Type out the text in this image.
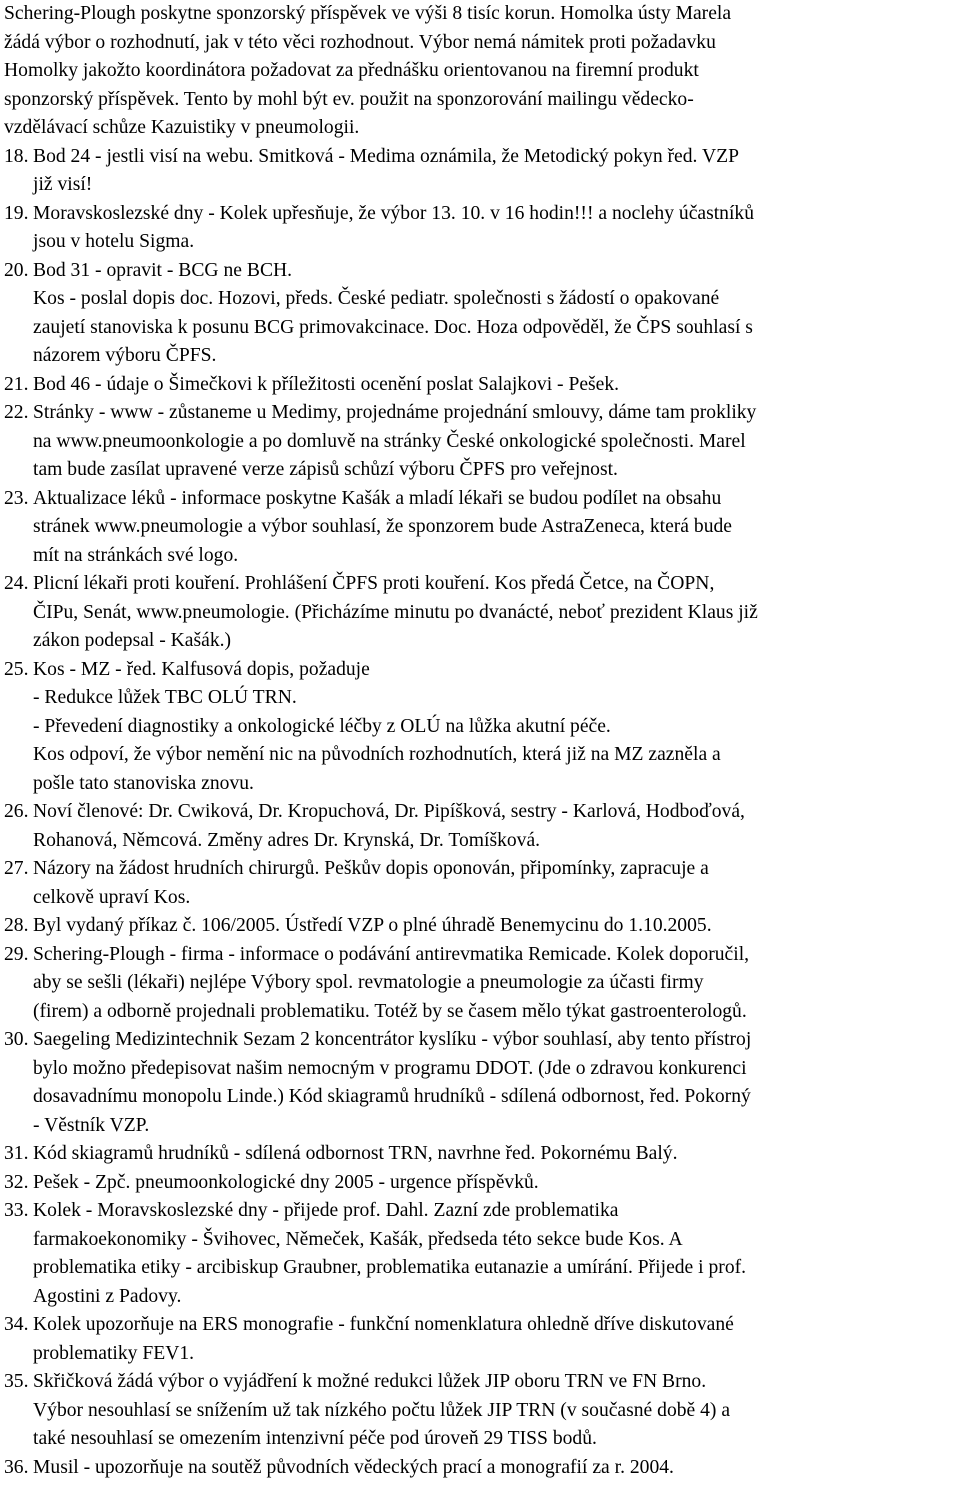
Schering-Plough poskytne sponzorský příspěvek ve výši 8 tisíc korun. Homolka ústy Marela
žádá výbor o rozhodnutí, jak v této věci rozhodnout. Výbor nemá námitek proti požadavku
Homolky jakožto koordinátora požadovat za přednášku orientovanou na firemní produkt
sponzorský příspěvek. Tento by mohl být ev. použit na sponzorování mailingu vědecko-
vzdělávací schůze Kazuistiky v pneumologii.
18. Bod 24 - jestli visí na webu. Smitková - Medima oznámila, že Metodický pokyn řed. VZP
již visí!
19. Moravskoslezské dny - Kolek upřesňuje, že výbor 13. 10. v 16 hodin!!! a noclehy účastníků
jsou v hotelu Sigma.
20. Bod 31 - opravit - BCG ne BCH.
Kos - poslal dopis doc. Hozovi, předs. České pediatr. společnosti s žádostí o opakované
zaujetí stanoviska k posunu BCG primovakcinace. Doc. Hoza odpověděl, že ČPS souhlasí s
názorem výboru ČPFS.
21. Bod 46 - údaje o Šimečkovi k příležitosti ocenění poslat Salajkovi - Pešek.
22. Stránky - www - zůstaneme u Medimy, projednáme projednání smlouvy, dáme tam prokliky
na www.pneumoonkologie a po domluvě na stránky České onkologické společnosti. Marel
tam bude zasílat upravené verze zápisů schůzí výboru ČPFS pro veřejnost.
23. Aktualizace léků - informace poskytne Kašák a mladí lékaři se budou podílet na obsahu
stránek www.pneumologie a výbor souhlasí, že sponzorem bude AstraZeneca, která bude
mít na stránkách své logo.
24. Plicní lékaři proti kouření. Prohlášení ČPFS proti kouření. Kos předá Četce, na ČOPN,
ČIPu, Senát, www.pneumologie. (Přicházíme minutu po dvanácté, neboť prezident Klaus již
zákon podepsal - Kašák.)
25. Kos - MZ - řed. Kalfusová dopis, požaduje
- Redukce lůžek TBC OLÚ TRN.
- Převedení diagnostiky a onkologické léčby z OLÚ na lůžka akutní péče.
Kos odpoví, že výbor nemění nic na původních rozhodnutích, která již na MZ zazněla a
pošle tato stanoviska znovu.
26. Noví členové: Dr. Cwiková, Dr. Kropuchová, Dr. Pipíšková, sestry - Karlová, Hodboďová,
Rohanová, Němcová. Změny adres Dr. Krynská, Dr. Tomíšková.
27. Názory na žádost hrudních chirurgů. Peškův dopis oponován, připomínky, zapracuje a
celkově upraví Kos.
28. Byl vydaný příkaz č. 106/2005. Ústředí VZP o plné úhradě Benemycinu do 1.10.2005.
29. Schering-Plough - firma - informace o podávání antirevmatika Remicade. Kolek doporučil,
aby se sešli (lékaři) nejlépe Výbory spol. revmatologie a pneumologie za účasti firmy
(firem) a odborně projednali problematiku. Totéž by se časem mělo týkat gastroenterologů.
30. Saegeling Medizintechnik Sezam 2 koncentrátor kyslíku - výbor souhlasí, aby tento přístroj
bylo možno předepisovat našim nemocným v programu DDOT. (Jde o zdravou konkurenci
dosavadnímu monopolu Linde.) Kód skiagramů hrudníků - sdílená odbornost, řed. Pokorný
- Věstník VZP.
31. Kód skiagramů hrudníků - sdílená odbornost TRN, navrhne řed. Pokornému Balý.
32. Pešek - Zpč. pneumoonkologické dny 2005 - urgence příspěvků.
33. Kolek - Moravskoslezské dny - přijede prof. Dahl. Zazní zde problematika
farmakoekonomiky - Švihovec, Němeček, Kašák, předsedа této sekce bude Kos. A
problematika etiky - arcibiskup Graubner, problematika eutanazie a umírání. Přijede i prof.
Agostini z Padovy.
34. Kolek upozorňuje na ERS monografie - funkční nomenklatura ohledně dříve diskutované
problematiky FEV1.
35. Skřičková žádá výbor o vyjádření k možné redukci lůžek JIP oboru TRN ve FN Brno.
Výbor nesouhlasí se snížením už tak nízkého počtu lůžek JIP TRN (v současné době 4) a
také nesouhlasí se omezením intenzivní péče pod úroveň 29 TISS bodů.
36. Musil - upozorňuje na soutěž původních vědeckých prací a monografií za r. 2004.
